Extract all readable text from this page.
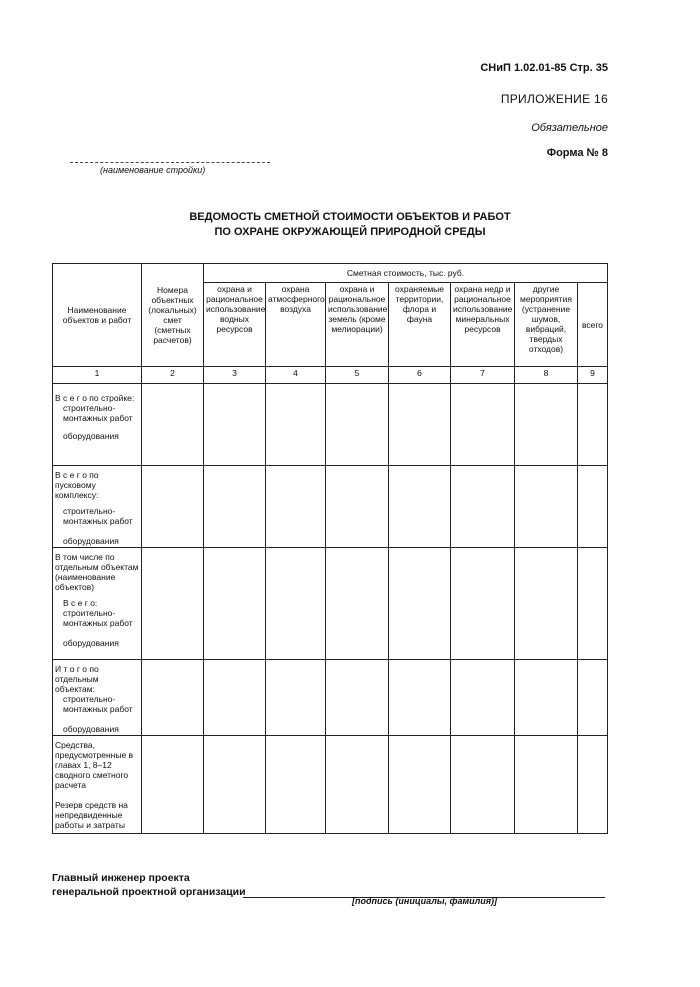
СНиП 1.02.01-85 Стр. 35
ПРИЛОЖЕНИЕ 16
Обязательное
Форма № 8
(наименование стройки)
ВЕДОМОСТЬ СМЕТНОЙ СТОИМОСТИ ОБЪЕКТОВ И РАБОТ
ПО ОХРАНЕ ОКРУЖАЮЩЕЙ ПРИРОДНОЙ СРЕДЫ
Наименование объектов и работ	Номера объектных (локальных) смет (сметных расчетов)	Сметная стоимость, тыс. руб.						
		охрана и рациональное использование водных ресурсов	охрана атмосферного воздуха	охрана и рациональное использование земель (кроме мелиорации)	охраняемые территории, флора и фауна	охрана недр и рациональное использование минеральных ресурсов	другие мероприятия (устранение шумов, вибраций, твердых отходов)	всего
1	2	3	4	5	6	7	8	9

В с е г о по стройке:
строительно-монтажных работ
оборудования								

В с е г о по пусковому комплексу:
строительно-монтажных работ
оборудования								

В том числе по отдельным объектам (наименование объектов)
В с е г о:
строительно-монтажных работ
оборудования								

И т о г о по отдельным объектам:
строительно-монтажных работ
оборудования								

Средства, предусмотренные в главах 1, 8–12 сводного сметного расчета
Резерв средств на непредвиденные работы и затраты								

Главный инженер проекта
генеральной проектной организации
[подпись (инициалы, фамилия)]
